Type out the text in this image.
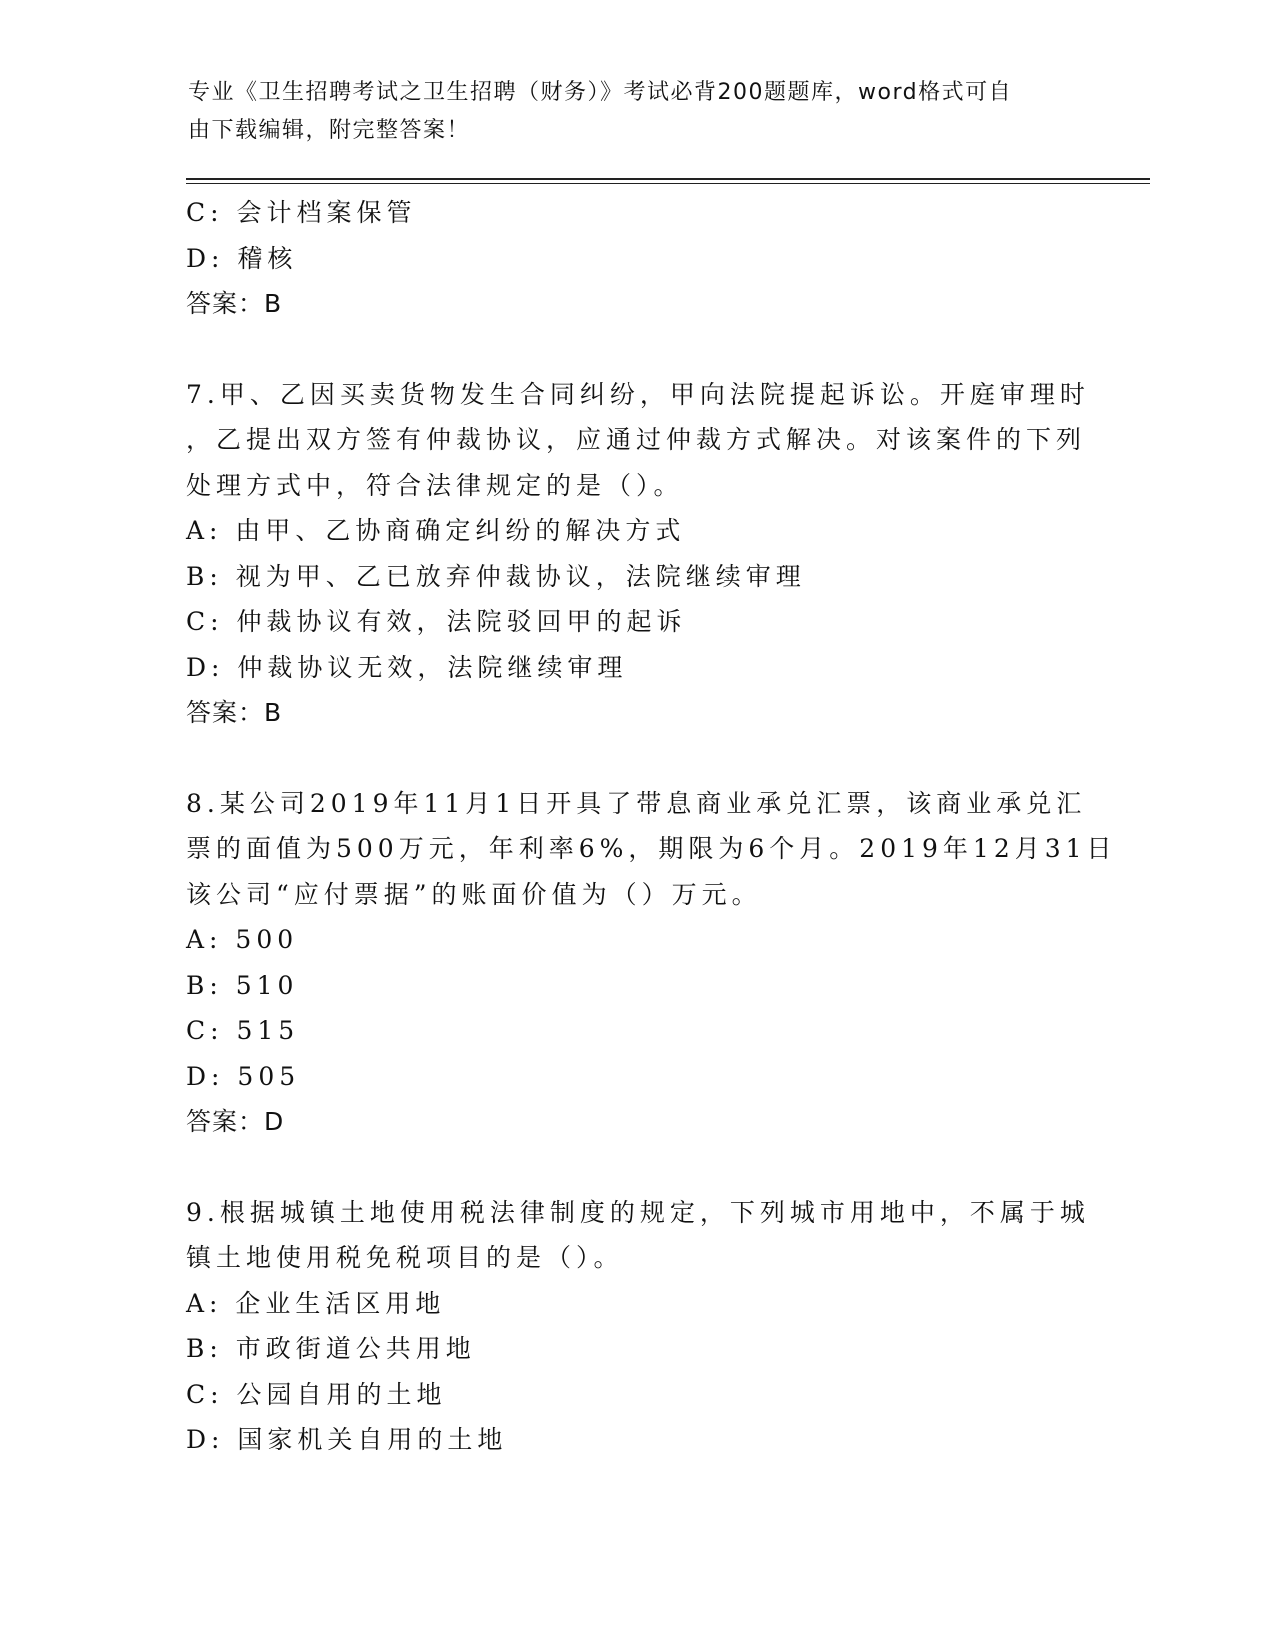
专业《卫生招聘考试之卫生招聘（财务）》考试必背200题题库，word格式可自
由下载编辑，附完整答案！
C: 会计档案保管
D: 稽核
答案：B
7.甲、乙因买卖货物发生合同纠纷，甲向法院提起诉讼。开庭审理时
，乙提出双方签有仲裁协议，应通过仲裁方式解决。对该案件的下列
处理方式中，符合法律规定的是（）。
A: 由甲、乙协商确定纠纷的解决方式
B: 视为甲、乙已放弃仲裁协议，法院继续审理
C: 仲裁协议有效，法院驳回甲的起诉
D: 仲裁协议无效，法院继续审理
答案：B
8.某公司2019年11月1日开具了带息商业承兑汇票，该商业承兑汇
票的面值为500万元，年利率6%，期限为6个月。2019年12月31日
该公司“应付票据”的账面价值为（）万元。
A: 500
B: 510
C: 515
D: 505
答案：D
9.根据城镇土地使用税法律制度的规定，下列城市用地中，不属于城
镇土地使用税免税项目的是（）。
A: 企业生活区用地
B: 市政街道公共用地
C: 公园自用的土地
D: 国家机关自用的土地
